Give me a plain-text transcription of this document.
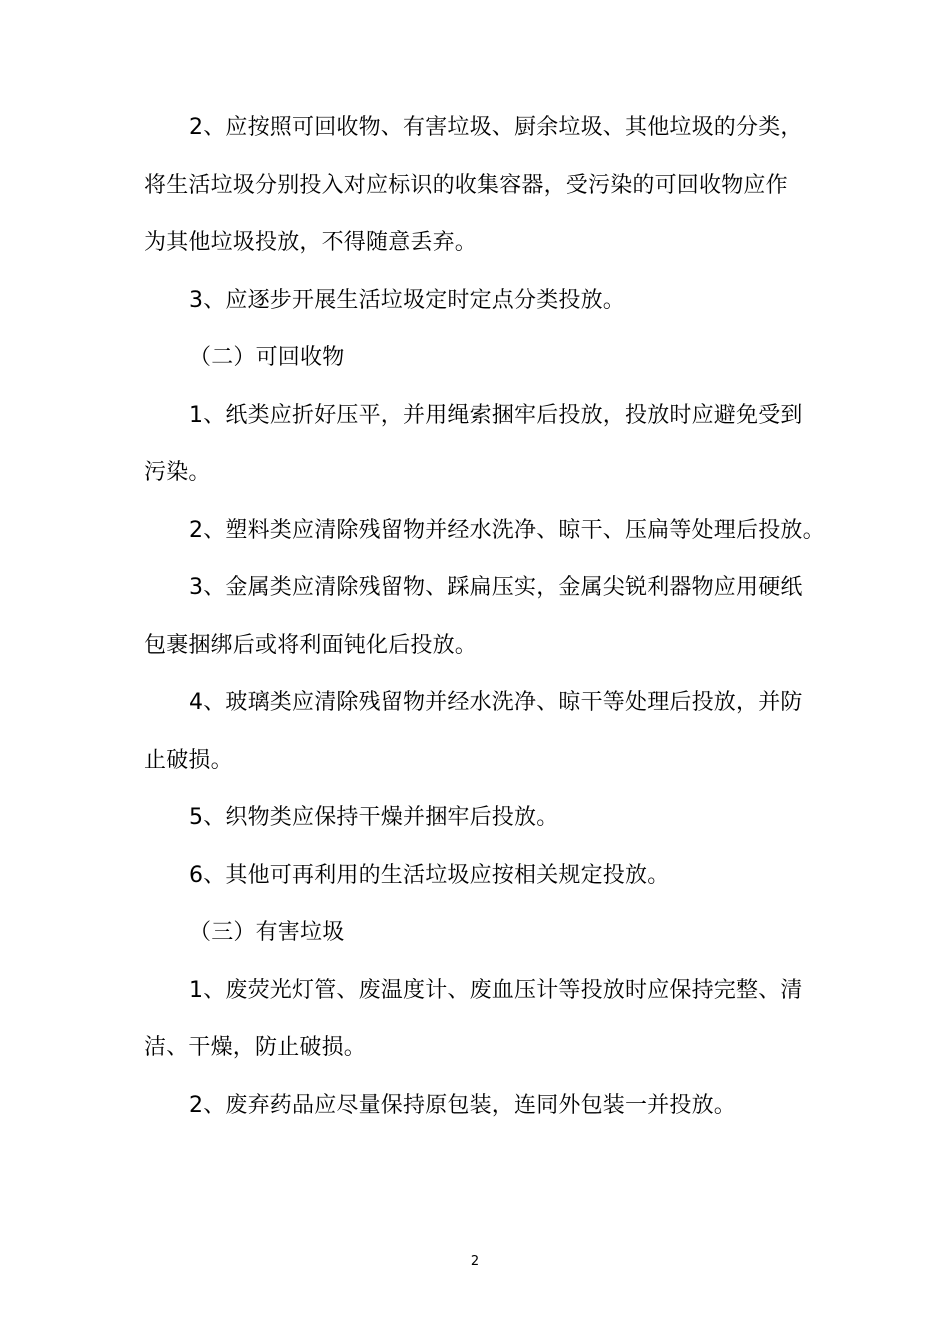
2、应按照可回收物、有害垃圾、厨余垃圾、其他垃圾的分类，
将生活垃圾分别投入对应标识的收集容器，受污染的可回收物应作
为其他垃圾投放，不得随意丢弃。
3、应逐步开展生活垃圾定时定点分类投放。
（二）可回收物
1、纸类应折好压平，并用绳索捆牢后投放，投放时应避免受到
污染。
2、塑料类应清除残留物并经水洗净、晾干、压扁等处理后投放。
3、金属类应清除残留物、踩扁压实，金属尖锐利器物应用硬纸
包裹捆绑后或将利面钝化后投放。
4、玻璃类应清除残留物并经水洗净、晾干等处理后投放，并防
止破损。
5、织物类应保持干燥并捆牢后投放。
6、其他可再利用的生活垃圾应按相关规定投放。
（三）有害垃圾
1、废荧光灯管、废温度计、废血压计等投放时应保持完整、清
洁、干燥，防止破损。
2、废弃药品应尽量保持原包装，连同外包装一并投放。
2
